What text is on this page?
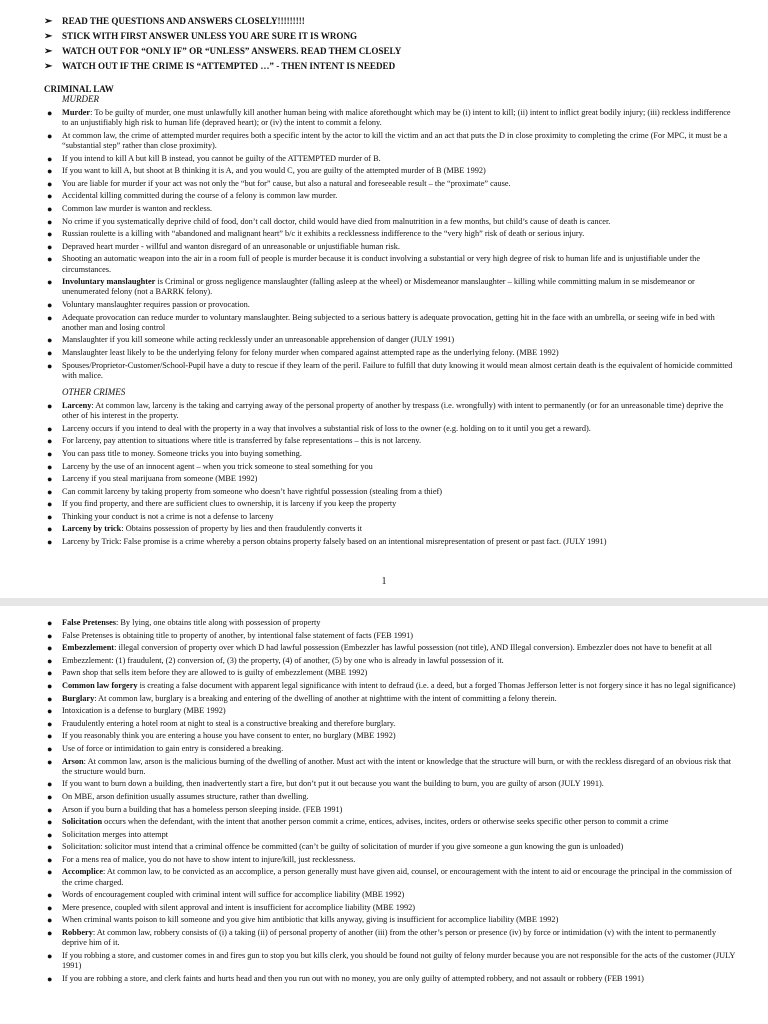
➢ READ THE QUESTIONS AND ANSWERS CLOSELY!!!!!!!!!
➢ STICK WITH FIRST ANSWER UNLESS YOU ARE SURE IT IS WRONG
➢ WATCH OUT FOR “ONLY IF” OR “UNLESS” ANSWERS. READ THEM CLOSELY
➢ WATCH OUT IF THE CRIME IS “ATTEMPTED …” - THEN INTENT IS NEEDED
CRIMINAL LAW
MURDER
● Murder: To be guilty of murder, one must unlawfully kill another human being with malice aforethought which may be (i) intent to kill; (ii) intent to inflict great bodily injury; (iii) reckless indifference to an unjustifiably high risk to human life (depraved heart); or (iv) the intent to commit a felony.
● At common law, the crime of attempted murder requires both a specific intent by the actor to kill the victim and an act that puts the D in close proximity to completing the crime (For MPC, it must be a “substantial step” rather than close proximity).
● If you intend to kill A but kill B instead, you cannot be guilty of the ATTEMPTED murder of B.
● If you want to kill A, but shoot at B thinking it is A, and you would C, you are guilty of the attempted murder of B (MBE 1992)
● You are liable for murder if your act was not only the “but for” cause, but also a natural and foreseeable result – the “proximate” cause.
● Accidental killing committed during the course of a felony is common law murder.
● Common law murder is wanton and reckless.
● No crime if you systematically deprive child of food, don’t call doctor, child would have died from malnutrition in a few months, but child’s cause of death is cancer.
● Russian roulette is a killing with “abandoned and malignant heart” b/c it exhibits a recklessness indifference to the “very high” risk of death or serious injury.
● Depraved heart murder - willful and wanton disregard of an unreasonable or unjustifiable human risk.
● Shooting an automatic weapon into the air in a room full of people is murder because it is conduct involving a substantial or very high degree of risk to human life and is unjustifiable under the circumstances.
● Involuntary manslaughter is Criminal or gross negligence manslaughter (falling asleep at the wheel) or Misdemeanor manslaughter – killing while committing malum in se misdemeanor or unenumerated felony (not a BARRK felony).
● Voluntary manslaughter requires passion or provocation.
● Adequate provocation can reduce murder to voluntary manslaughter. Being subjected to a serious battery is adequate provocation, getting hit in the face with an umbrella, or seeing wife in bed with another man and losing control
● Manslaughter if you kill someone while acting recklessly under an unreasonable apprehension of danger (JULY 1991)
● Manslaughter least likely to be the underlying felony for felony murder when compared against attempted rape as the underlying felony. (MBE 1992)
● Spouses/Proprietor-Customer/School-Pupil have a duty to rescue if they learn of the peril. Failure to fulfill that duty knowing it would mean almost certain death is the equivalent of homicide committed with malice.
OTHER CRIMES
● Larceny: At common law, larceny is the taking and carrying away of the personal property of another by trespass (i.e. wrongfully) with intent to permanently (or for an unreasonable time) deprive the other of his interest in the property.
● Larceny occurs if you intend to deal with the property in a way that involves a substantial risk of loss to the owner (e.g. holding on to it until you get a reward).
● For larceny, pay attention to situations where title is transferred by false representations – this is not larceny.
● You can pass title to money. Someone tricks you into buying something.
● Larceny by the use of an innocent agent – when you trick someone to steal something for you
● Larceny if you steal marijuana from someone (MBE 1992)
● Can commit larceny by taking property from someone who doesn’t have rightful possession (stealing from a thief)
● If you find property, and there are sufficient clues to ownership, it is larceny if you keep the property
● Thinking your conduct is not a crime is not a defense to larceny
● Larceny by trick: Obtains possession of property by lies and then fraudulently converts it
● Larceny by Trick: False promise is a crime whereby a person obtains property falsely based on an intentional misrepresentation of present or past fact. (JULY 1991)
1
● False Pretenses: By lying, one obtains title along with possession of property
● False Pretenses is obtaining title to property of another, by intentional false statement of facts (FEB 1991)
● Embezzlement: illegal conversion of property over which D had lawful possession (Embezzler has lawful possession (not title), AND Illegal conversion). Embezzler does not have to benefit at all
● Embezzlement: (1) fraudulent, (2) conversion of, (3) the property, (4) of another, (5) by one who is already in lawful possession of it.
● Pawn shop that sells item before they are allowed to is guilty of embezzlement (MBE 1992)
● Common law forgery is creating a false document with apparent legal significance with intent to defraud (i.e. a deed, but a forged Thomas Jefferson letter is not forgery since it has no legal significance)
● Burglary: At common law, burglary is a breaking and entering of the dwelling of another at nighttime with the intent of committing a felony therein.
● Intoxication is a defense to burglary (MBE 1992)
● Fraudulently entering a hotel room at night to steal is a constructive breaking and therefore burglary.
● If you reasonably think you are entering a house you have consent to enter, no burglary (MBE 1992)
● Use of force or intimidation to gain entry is considered a breaking.
● Arson: At common law, arson is the malicious burning of the dwelling of another. Must act with the intent or knowledge that the structure will burn, or with the reckless disregard of an obvious risk that the structure would burn.
● If you want to burn down a building, then inadvertently start a fire, but don’t put it out because you want the building to burn, you are guilty of arson (JULY 1991).
● On MBE, arson definition usually assumes structure, rather than dwelling.
● Arson if you burn a building that has a homeless person sleeping inside. (FEB 1991)
● Solicitation occurs when the defendant, with the intent that another person commit a crime, entices, advises, incites, orders or otherwise seeks specific other person to commit a crime
● Solicitation merges into attempt
● Solicitation: solicitor must intend that a criminal offence be committed (can’t be guilty of solicitation of murder if you give someone a gun knowing the gun is unloaded)
● For a mens rea of malice, you do not have to show intent to injure/kill, just recklessness.
● Accomplice: At common law, to be convicted as an accomplice, a person generally must have given aid, counsel, or encouragement with the intent to aid or encourage the principal in the commission of the crime charged.
● Words of encouragement coupled with criminal intent will suffice for accomplice liability (MBE 1992)
● Mere presence, coupled with silent approval and intent is insufficient for accomplice liability (MBE 1992)
● When criminal wants poison to kill someone and you give him antibiotic that kills anyway, giving is insufficient for accomplice liability (MBE 1992)
● Robbery: At common law, robbery consists of (i) a taking (ii) of personal property of another (iii) from the other’s person or presence (iv) by force or intimidation (v) with the intent to permanently deprive him of it.
● If you robbing a store, and customer comes in and fires gun to stop you but kills clerk, you should be found not guilty of felony murder because you are not responsible for the acts of the customer (JULY 1991)
● If you are robbing a store, and clerk faints and hurts head and then you run out with no money, you are only guilty of attempted robbery, and not assault or robbery (FEB 1991)
